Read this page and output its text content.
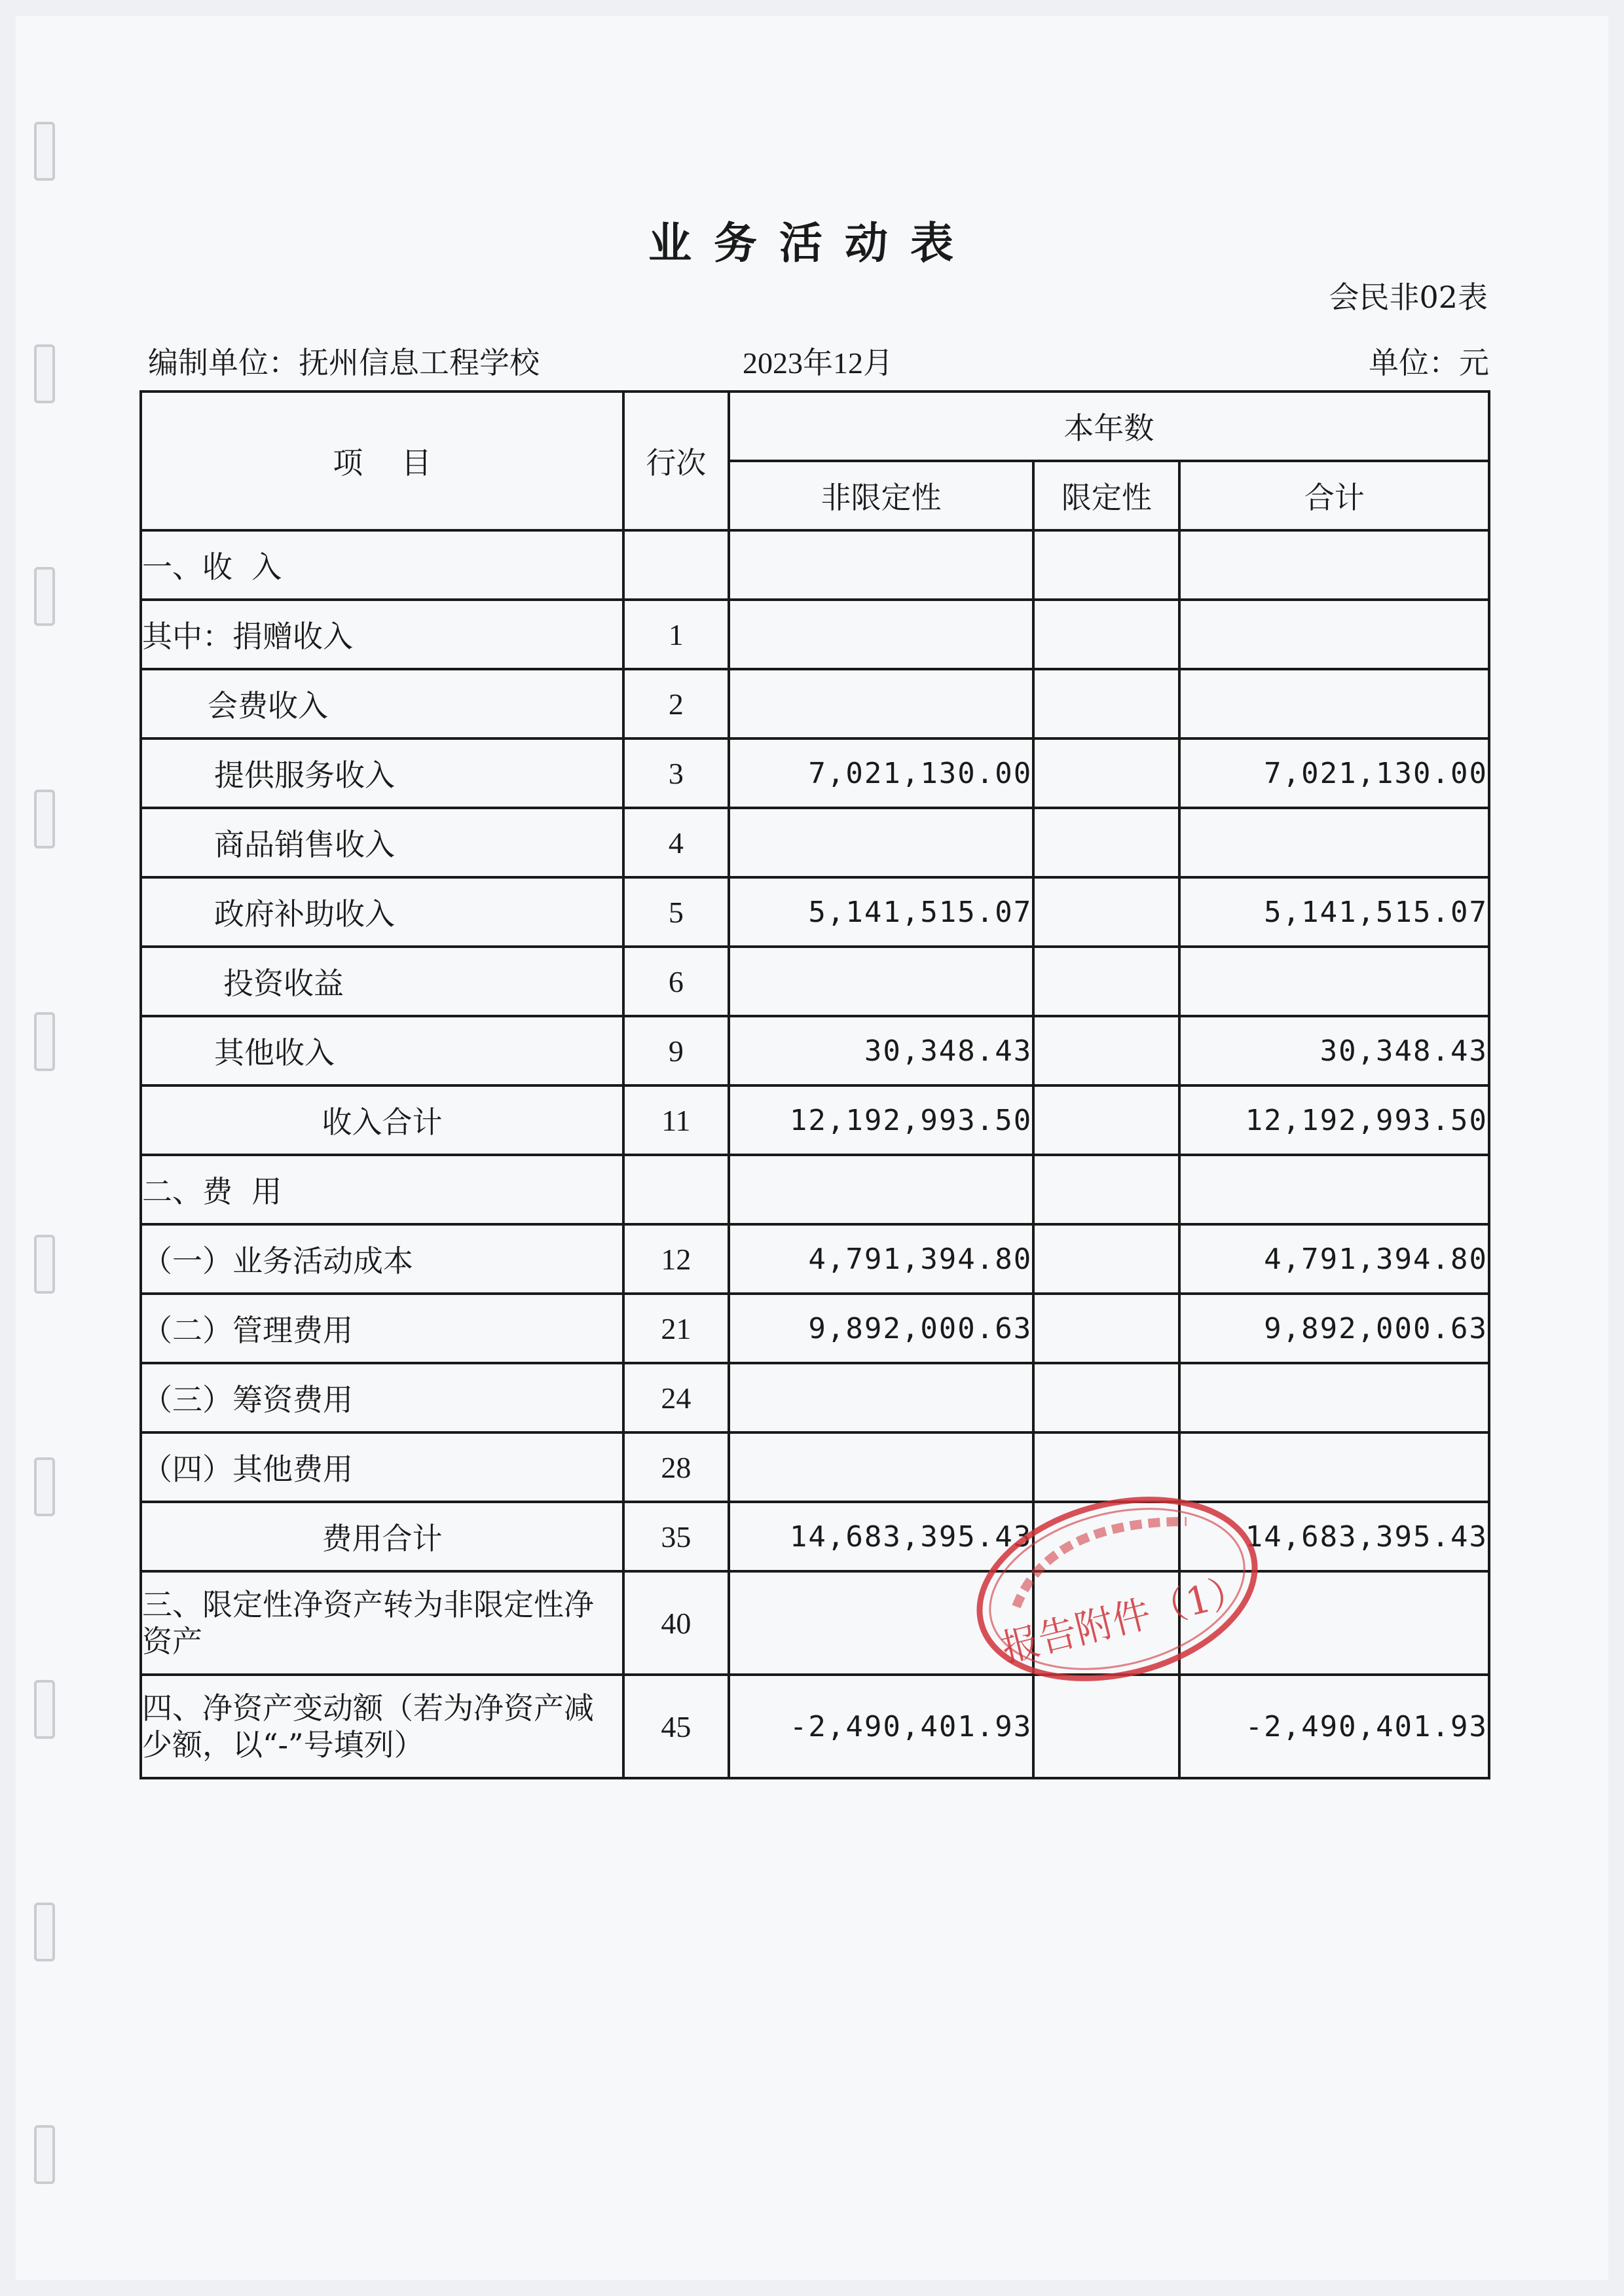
业务活动表
会民非02表
编制单位：抚州信息工程学校	2023年12月	单位：元
项    目	行次	本年数		
		非限定性	限定性	合计
一、收  入				
其中：捐赠收入	1			
会费收入	2			
提供服务收入	3	7,021,130.00		7,021,130.00
商品销售收入	4			
政府补助收入	5	5,141,515.07		5,141,515.07
投资收益	6			
其他收入	9	30,348.43		30,348.43
收入合计	11	12,192,993.50		12,192,993.50
二、费  用				
（一）业务活动成本	12	4,791,394.80		4,791,394.80
（二）管理费用	21	9,892,000.63		9,892,000.63
（三）筹资费用	24			
（四）其他费用	28			
费用合计	35	14,683,395.43		14,683,395.43
三、限定性净资产转为非限定性净资产	40			
四、净资产变动额（若为净资产减少额，以“-”号填列）	45	-2,490,401.93		-2,490,401.93
报告附件（1）
